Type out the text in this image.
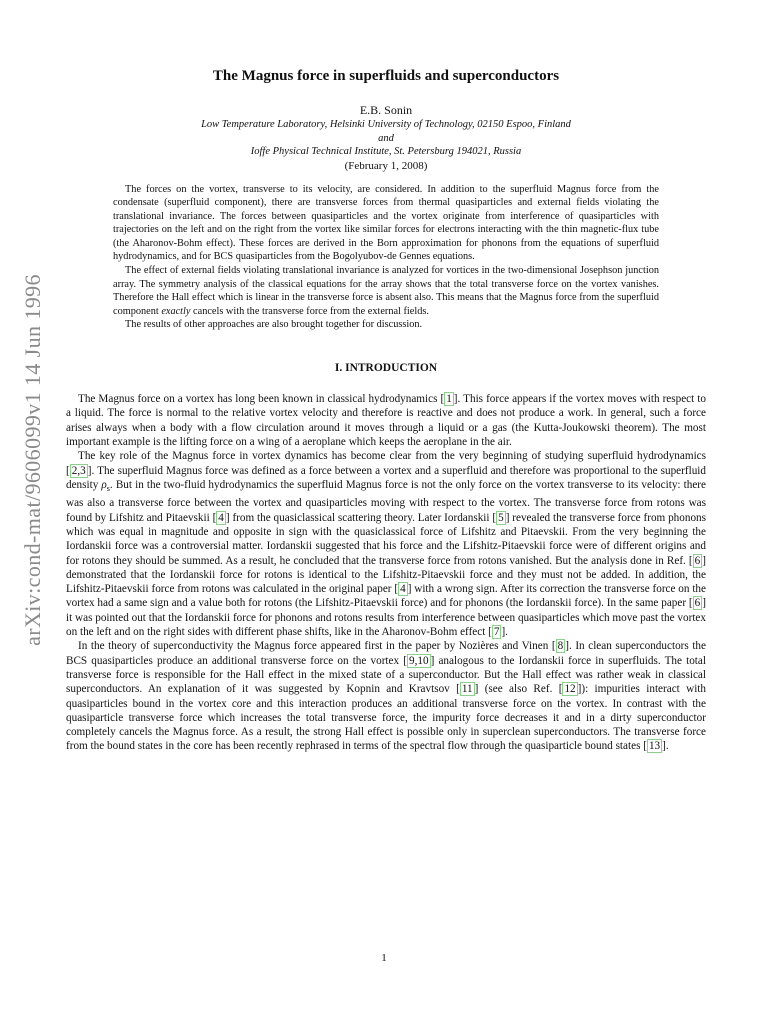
arXiv:cond-mat/9606099v1 14 Jun 1996
The Magnus force in superfluids and superconductors

E.B. Sonin

Low Temperature Laboratory, Helsinki University of Technology, 02150 Espoo, Finland

and

Ioffe Physical Technical Institute, St. Petersburg 194021, Russia

(February 1, 2008)

The forces on the vortex, transverse to its velocity, are considered. In addition to the superfluid Magnus force from the condensate (superfluid component), there are transverse forces from thermal quasiparticles and external fields violating the translational invariance. The forces between quasiparticles and the vortex originate from interference of quasiparticles with trajectories on the left and on the right from the vortex like similar forces for electrons interacting with the thin magnetic-flux tube (the Aharonov-Bohm effect). These forces are derived in the Born approximation for phonons from the equations of superfluid hydrodynamics, and for BCS quasiparticles from the Bogolyubov-de Gennes equations.

The effect of external fields violating translational invariance is analyzed for vortices in the two-dimensional Josephson junction array. The symmetry analysis of the classical equations for the array shows that the total transverse force on the vortex vanishes. Therefore the Hall effect which is linear in the transverse force is absent also. This means that the Magnus force from the superfluid component exactly cancels with the transverse force from the external fields.

The results of other approaches are also brought together for discussion.

I. INTRODUCTION

The Magnus force on a vortex has long been known in classical hydrodynamics [ 1 ]. This force appears if the vortex moves with respect to a liquid. The force is normal to the relative vortex velocity and therefore is reactive and does not produce a work. In general, such a force arises always when a body with a flow circulation around it moves through a liquid or a gas (the Kutta-Joukowski theorem). The most important example is the lifting force on a wing of a aeroplane which keeps the aeroplane in the air.

The key role of the Magnus force in vortex dynamics has become clear from the very beginning of studying superfluid hydrodynamics [ 2,3 ]. The superfluid Magnus force was defined as a force between a vortex and a superfluid and therefore was proportional to the superfluid density $\rho_s$. But in the two-fluid hydrodynamics the superfluid Magnus force is not the only force on the vortex transverse to its velocity: there was also a transverse force between the vortex and quasiparticles moving with respect to the vortex. The transverse force from rotons was found by Lifshitz and Pitaevskii [ 4 ] from the quasiclassical scattering theory. Later Iordanskii [ 5 ] revealed the transverse force from phonons which was equal in magnitude and opposite in sign with the quasiclassical force of Lifshitz and Pitaevskii. From the very beginning the Iordanskii force was a controversial matter. Iordanskii suggested that his force and the Lifshitz-Pitaevskii force were of different origins and for rotons they should be summed. As a result, he concluded that the transverse force from rotons vanished. But the analysis done in Ref. [ 6 ] demonstrated that the Iordanskii force for rotons is identical to the Lifshitz-Pitaevskii force and they must not be added. In addition, the Lifshitz-Pitaevskii force from rotons was calculated in the original paper [ 4 ] with a wrong sign. After its correction the transverse force on the vortex had a same sign and a value both for rotons (the Lifshitz-Pitaevskii force) and for phonons (the Iordanskii force). In the same paper [ 6 ] it was pointed out that the Iordanskii force for phonons and rotons results from interference between quasiparticles which move past the vortex on the left and on the right sides with different phase shifts, like in the Aharonov-Bohm effect [ 7 ].

In the theory of superconductivity the Magnus force appeared first in the paper by Nozières and Vinen [ 8 ]. In clean superconductors the BCS quasiparticles produce an additional transverse force on the vortex [ 9,10 ] analogous to the Iordanskii force in superfluids. The total transverse force is responsible for the Hall effect in the mixed state of a superconductor. But the Hall effect was rather weak in classical superconductors. An explanation of it was suggested by Kopnin and Kravtsov [ 11 ] (see also Ref. [ 12 ]): impurities interact with quasiparticles bound in the vortex core and this interaction produces an additional transverse force on the vortex. In contrast with the quasiparticle transverse force which increases the total transverse force, the impurity force decreases it and in a dirty superconductor completely cancels the Magnus force. As a result, the strong Hall effect is possible only in superclean superconductors. The transverse force from the bound states in the core has been recently rephrased in terms of the spectral flow through the quasiparticle bound states [ 13 ].

1
